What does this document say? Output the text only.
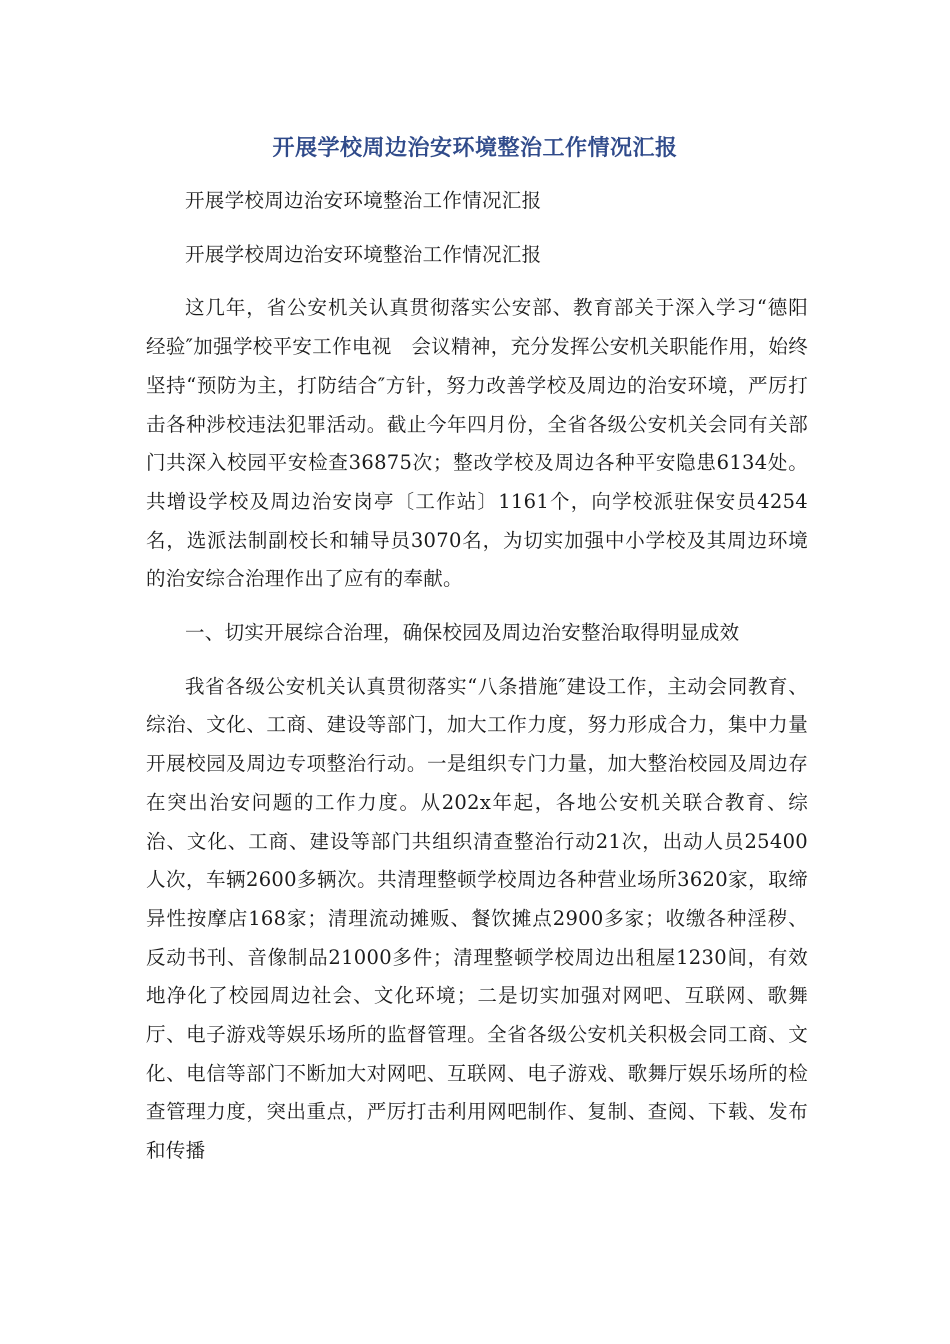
开展学校周边治安环境整治工作情况汇报

开展学校周边治安环境整治工作情况汇报

开展学校周边治安环境整治工作情况汇报

这几年，省公安机关认真贯彻落实公安部、教育部关于深入学习“德阳经验″加强学校平安工作电视　会议精神，充分发挥公安机关职能作用，始终坚持“预防为主，打防结合″方针，努力改善学校及周边的治安环境，严厉打击各种涉校违法犯罪活动。截止今年四月份，全省各级公安机关会同有关部门共深入校园平安检查36875次；整改学校及周边各种平安隐患6134处。共增设学校及周边治安岗亭〔工作站〕1161个，向学校派驻保安员4254名，选派法制副校长和辅导员3070名，为切实加强中小学校及其周边环境的治安综合治理作出了应有的奉献。

一、切实开展综合治理，确保校园及周边治安整治取得明显成效

我省各级公安机关认真贯彻落实“八条措施″建设工作，主动会同教育、综治、文化、工商、建设等部门，加大工作力度，努力形成合力，集中力量开展校园及周边专项整治行动。一是组织专门力量，加大整治校园及周边存在突出治安问题的工作力度。从202x年起，各地公安机关联合教育、综治、文化、工商、建设等部门共组织清查整治行动21次，出动人员25400人次，车辆2600多辆次。共清理整顿学校周边各种营业场所3620家，取缔异性按摩店168家；清理流动摊贩、餐饮摊点2900多家；收缴各种淫秽、反动书刊、音像制品21000多件；清理整顿学校周边出租屋1230间，有效地净化了校园周边社会、文化环境；二是切实加强对网吧、互联网、歌舞厅、电子游戏等娱乐场所的监督管理。全省各级公安机关积极会同工商、文化、电信等部门不断加大对网吧、互联网、电子游戏、歌舞厅娱乐场所的检查管理力度，突出重点，严厉打击利用网吧制作、复制、查阅、下载、发布和传播
